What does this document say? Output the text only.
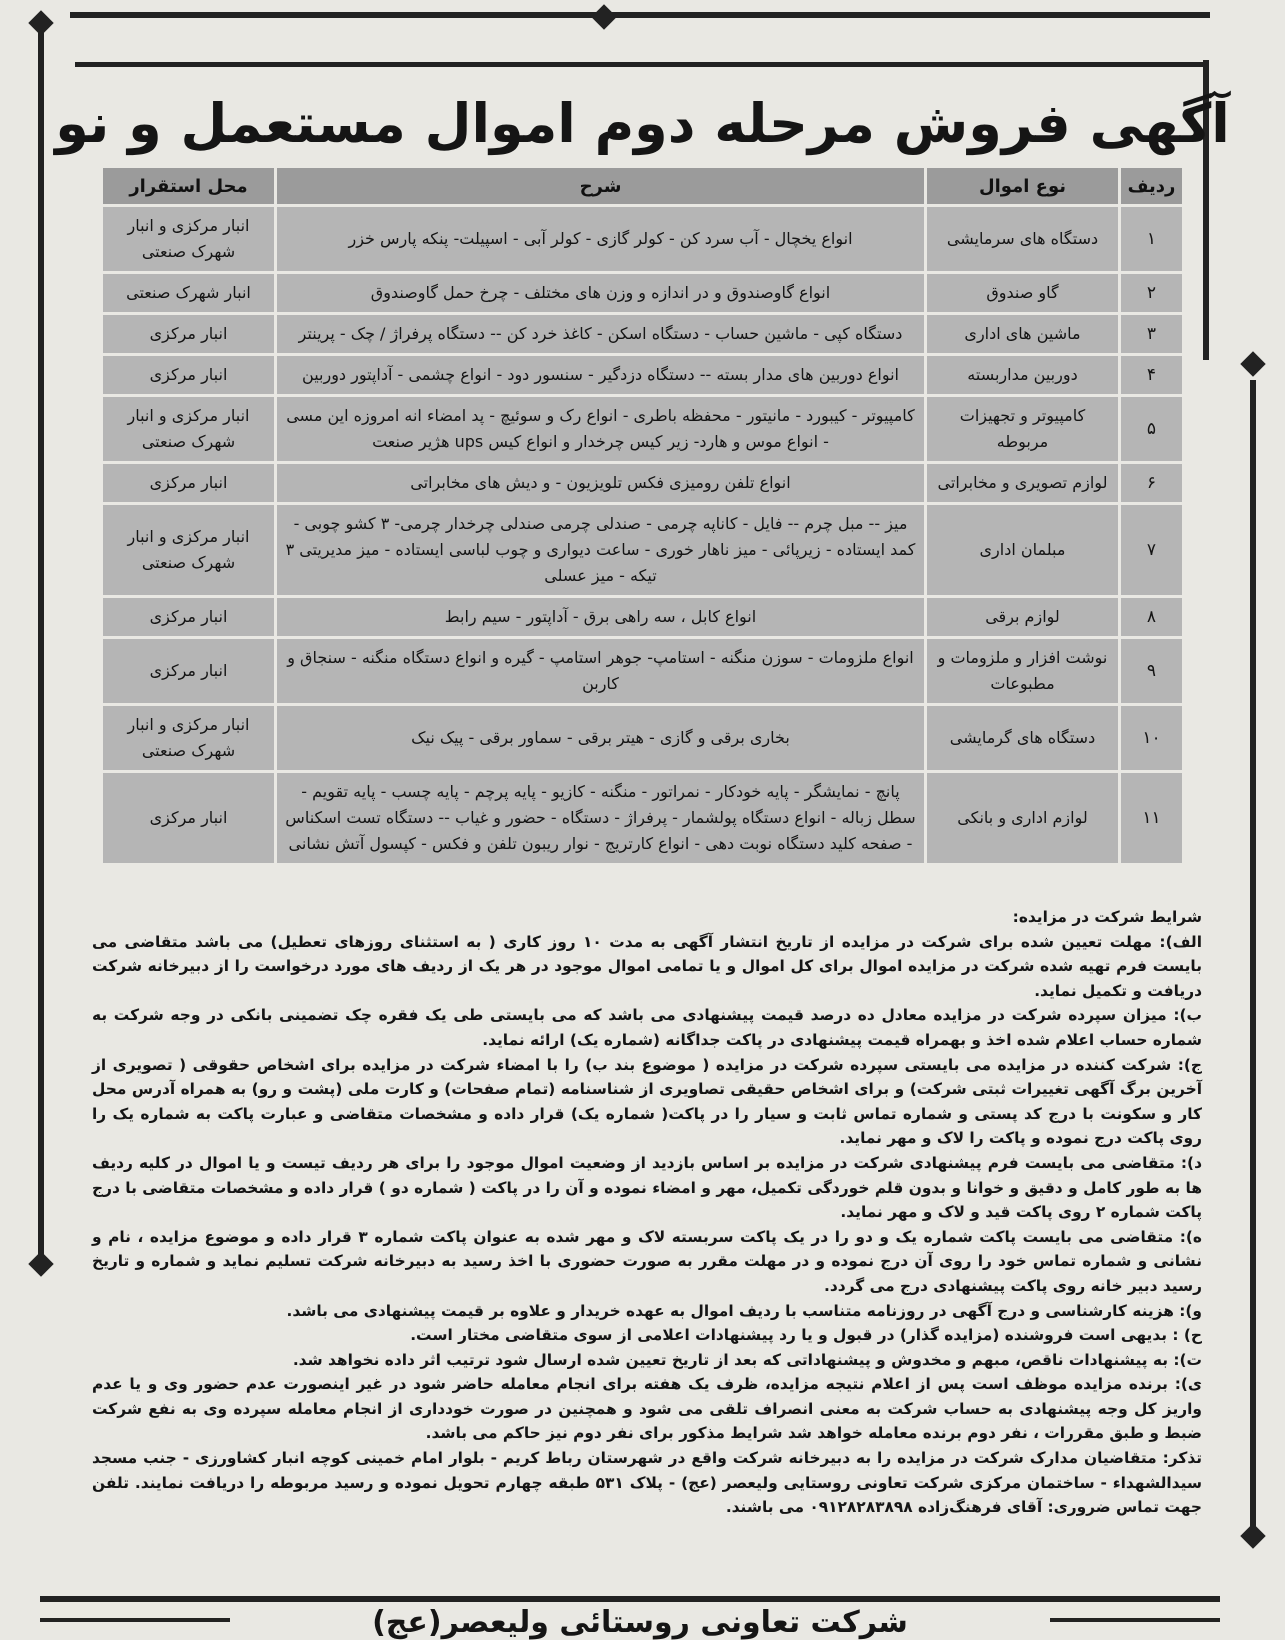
آگهی فروش مرحله دوم اموال مستعمل و نو
ردیف	نوع اموال	شرح	محل استقرار
۱	دستگاه های سرمایشی	انواع یخچال - آب سرد کن - کولر گازی - کولر آبی - اسپیلت- پنکه پارس خزر	انبار مرکزی و انبار شهرک صنعتی
۲	گاو صندوق	انواع گاوصندوق و در اندازه و وزن های مختلف - چرخ حمل گاوصندوق	انبار شهرک صنعتی
۳	ماشین های اداری	دستگاه کپی - ماشین حساب - دستگاه اسکن - کاغذ خرد کن -- دستگاه پرفراژ / چک - پرینتر	انبار مرکزی
۴	دوربین مداربسته	انواع دوربین های مدار بسته -- دستگاه دزدگیر - سنسور دود - انواع چشمی - آداپتور دوربین	انبار مرکزی
۵	کامپیوتر و تجهیزات مربوطه	کامپیوتر - کیبورد - مانیتور - محفظه باطری - انواع رک و سوئیچ - پد امضاء انه امروزه این مسی - انواع موس و هارد- زیر کیس چرخدار و انواع کیس ups هژیر صنعت	انبار مرکزی و انبار شهرک صنعتی
۶	لوازم تصویری و مخابراتی	انواع تلفن رومیزی فکس تلویزیون - و دیش های مخابراتی	انبار مرکزی
۷	مبلمان اداری	میز -- مبل چرم -- فایل - کاناپه چرمی - صندلی چرمی صندلی چرخدار چرمی- ۳ کشو چوبی - کمد ایستاده - زیرپائی - میز ناهار خوری - ساعت دیواری و چوب لباسی ایستاده - میز مدیریتی ۳ تیکه - میز عسلی	انبار مرکزی و انبار شهرک صنعتی
۸	لوازم برقی	انواع کابل ، سه راهی برق - آداپتور - سیم رابط	انبار مرکزی
۹	نوشت افزار و ملزومات و مطبوعات	انواع ملزومات - سوزن منگنه - استامپ- جوهر استامپ - گیره و انواع دستگاه منگنه - سنجاق و کاربن	انبار مرکزی
۱۰	دستگاه های گرمایشی	بخاری برقی و گازی - هیتر برقی - سماور برقی - پیک نیک	انبار مرکزی و انبار شهرک صنعتی
۱۱	لوازم اداری و بانکی	پانچ - نمایشگر - پایه خودکار - نمراتور - منگنه - کازیو - پایه پرچم - پایه چسب - پایه تقویم - سطل زباله - انواع دستگاه پولشمار - پرفراژ - دستگاه - حضور و غیاب -- دستگاه تست اسکناس - صفحه کلید دستگاه نوبت دهی - انواع کارتریج - نوار ریبون تلفن و فکس - کپسول آتش نشانی	انبار مرکزی

شرایط شرکت در مزایده:

الف): مهلت تعیین شده برای شرکت در مزایده از تاریخ انتشار آگهی به مدت ۱۰ روز کاری ( به استثنای روزهای تعطیل) می باشد متقاضی می بایست فرم تهیه شده شرکت در مزایده اموال برای کل اموال و یا تمامی اموال موجود در هر یک از ردیف های مورد درخواست را از دبیرخانه شرکت دریافت و تکمیل نماید.

ب): میزان سپرده شرکت در مزایده معادل ده درصد قیمت پیشنهادی می باشد که می بایستی طی یک فقره چک تضمینی بانکی در وجه شرکت به شماره حساب اعلام شده اخذ و بهمراه قیمت پیشنهادی در پاکت جداگانه (شماره یک) ارائه نماید.

ج): شرکت کننده در مزایده می بایستی سپرده شرکت در مزایده ( موضوع بند ب) را با امضاء شرکت در مزایده برای اشخاص حقوقی ( تصویری از آخرین برگ آگهی تغییرات ثبتی شرکت) و برای اشخاص حقیقی تصاویری از شناسنامه (تمام صفحات) و کارت ملی (پشت و رو) به همراه آدرس محل کار و سکونت با درج کد پستی و شماره تماس ثابت و سیار را در پاکت( شماره یک) قرار داده و مشخصات متقاضی و عبارت پاکت به شماره یک را روی پاکت درج نموده و پاکت را لاک و مهر نماید.

د): متقاضی می بایست فرم پیشنهادی شرکت در مزایده بر اساس بازدید از وضعیت اموال موجود را برای هر ردیف تیست و یا اموال در کلیه ردیف ها به طور کامل و دقیق و خوانا و بدون قلم خوردگی تکمیل، مهر و امضاء نموده و آن را در پاکت ( شماره دو ) قرار داده و مشخصات متقاضی با درج پاکت شماره ۲ روی پاکت قید و لاک و مهر نماید.

ه): متقاضی می بایست پاکت شماره یک و دو را در یک پاکت سربسته لاک و مهر شده به عنوان پاکت شماره ۳ قرار داده و موضوع مزایده ، نام و نشانی و شماره تماس خود را روی آن درج نموده و در مهلت مقرر به صورت حضوری با اخذ رسید به دبیرخانه شرکت تسلیم نماید و شماره و تاریخ رسید دبیر خانه روی پاکت پیشنهادی درج می گردد.

و): هزینه کارشناسی و درج آگهی در روزنامه متناسب با ردیف اموال به عهده خریدار و علاوه بر قیمت پیشنهادی می باشد.

ح) : بدیهی است فروشنده (مزایده گذار) در قبول و یا رد پیشنهادات اعلامی از سوی متقاضی مختار است.

ت): به پیشنهادات ناقص، مبهم و مخدوش و پیشنهاداتی که بعد از تاریخ تعیین شده ارسال شود ترتیب اثر داده نخواهد شد.

ی): برنده مزایده موظف است پس از اعلام نتیجه مزایده، ظرف یک هفته برای انجام معامله حاضر شود در غیر اینصورت عدم حضور وی و یا عدم واریز کل وجه پیشنهادی به حساب شرکت به معنی انصراف تلقی می شود و همچنین در صورت خودداری از انجام معامله سپرده وی به نفع شرکت ضبط و طبق مقررات ، نفر دوم برنده معامله خواهد شد شرایط مذکور برای نفر دوم نیز حاکم می باشد.

تذکر: متقاضیان مدارک شرکت در مزایده را به دبیرخانه شرکت واقع در شهرستان رباط کریم - بلوار امام خمینی کوچه انبار کشاورزی - جنب مسجد سیدالشهداء - ساختمان مرکزی شرکت تعاونی روستایی ولیعصر (عج) - پلاک ۵۳۱ طبقه چهارم تحویل نموده و رسید مربوطه را دریافت نمایند. تلفن جهت تماس ضروری: آقای فرهنگ‌زاده ۰۹۱۲۸۲۸۳۸۹۸ می باشند.

شرکت تعاونی روستائی ولیعصر(عج)
